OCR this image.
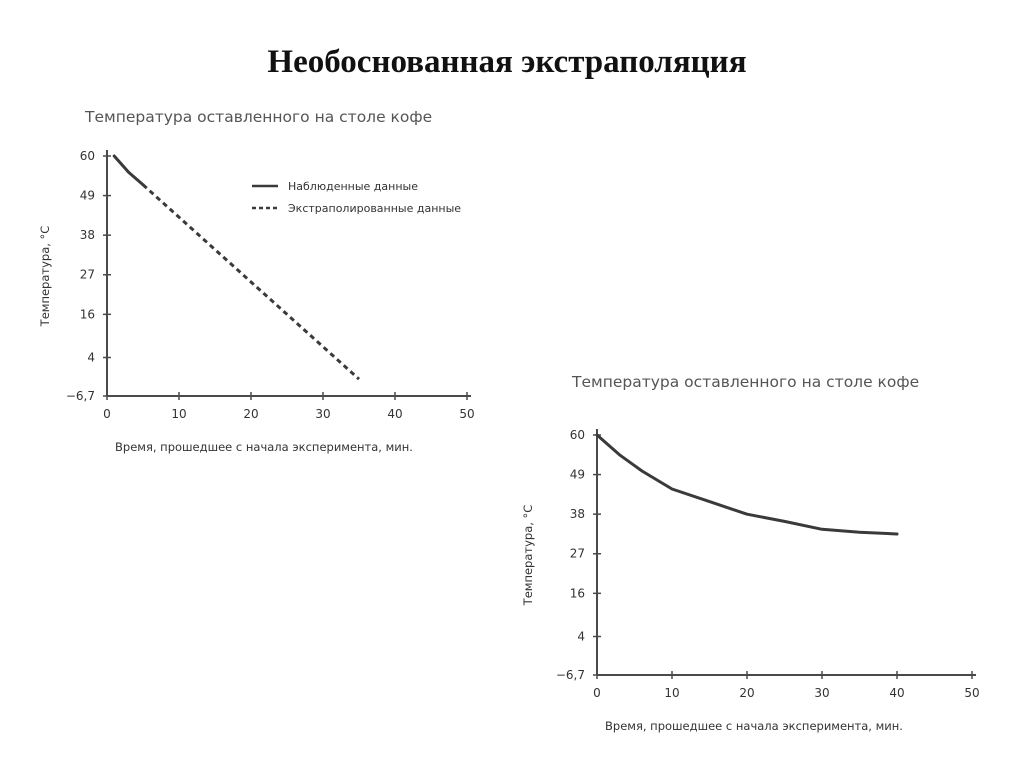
Необоснованная экстраполяция
Температура оставленного на столе кофе
60
49
38
27
16
4
−6,7
0	10	20	30	40	50
Время, прошедшее с начала эксперимента, мин.
Температура, °C
Наблюденные данные
Экстраполированные данные
Температура оставленного на столе кофе
60
49
38
27
16
4
−6,7
0	10	20	30	40	50
Время, прошедшее с начала эксперимента, мин.
Температура, °C
